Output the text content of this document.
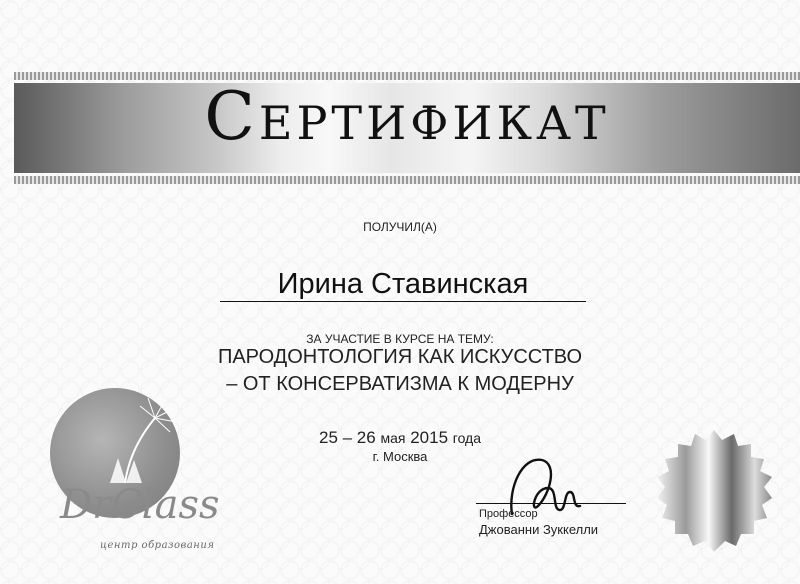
Сертификат
ПОЛУЧИЛ(А)
Ирина Ставинская
ЗА УЧАСТИЕ В КУРСЕ НА ТЕМУ:
ПАРОДОНТОЛОГИЯ КАК ИСКУССТВО
– ОТ КОНСЕРВАТИЗМА К МОДЕРНУ
25 – 26 мая 2015 года
г. Москва
DrClass
центр образования
Профессор
Джованни Зуккелли
